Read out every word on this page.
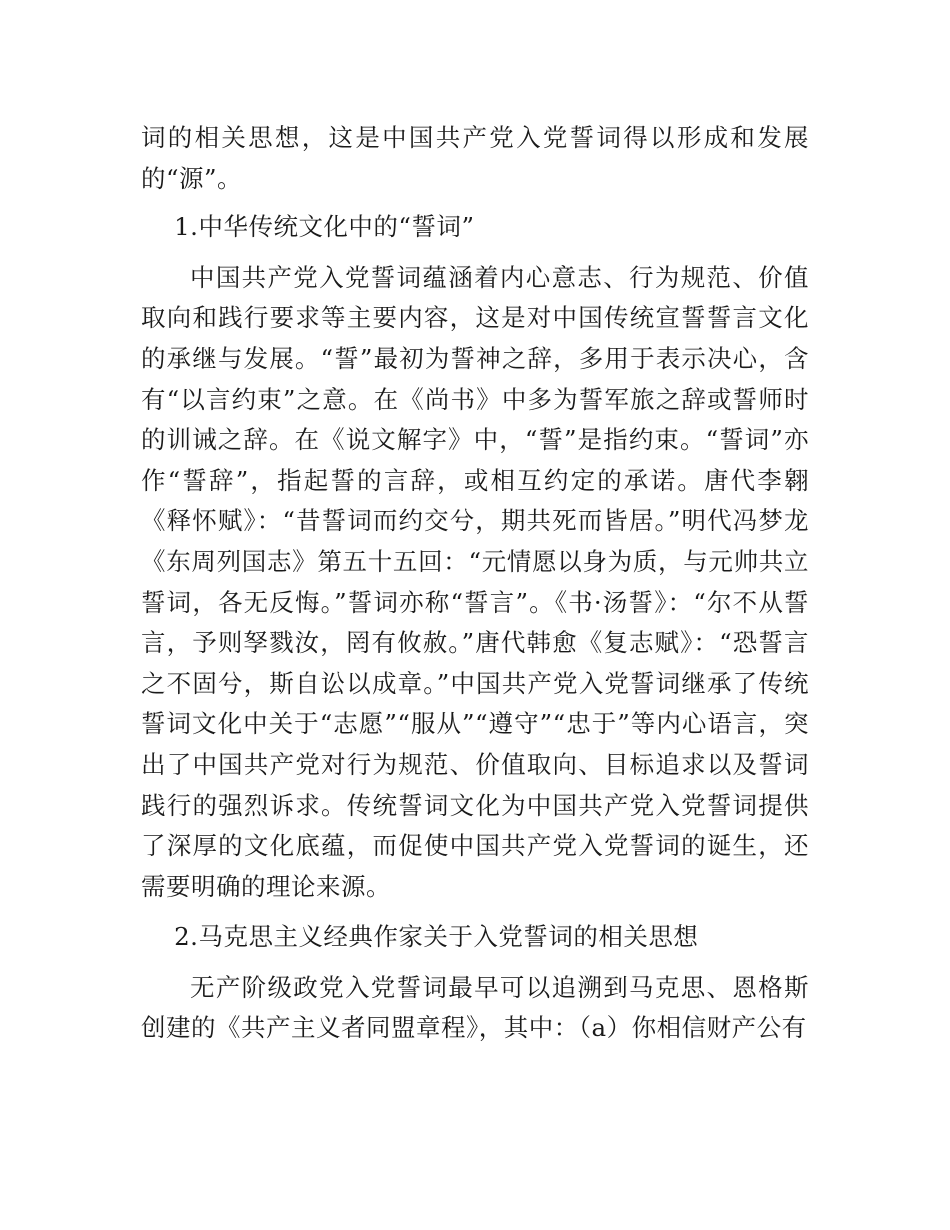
词的相关思想，这是中国共产党入党誓词得以形成和发展的“源”。

1.中华传统文化中的“誓词”

中国共产党入党誓词蕴涵着内心意志、行为规范、价值取向和践行要求等主要内容，这是对中国传统宣誓誓言文化的承继与发展。“誓”最初为誓神之辞，多用于表示决心，含有“以言约束”之意。在《尚书》中多为誓军旅之辞或誓师时的训诫之辞。在《说文解字》中，“誓”是指约束。“誓词”亦作“誓辞”，指起誓的言辞，或相互约定的承诺。唐代李翱《释怀赋》：“昔誓词而约交兮，期共死而皆居。”明代冯梦龙《东周列国志》第五十五回：“元情愿以身为质，与元帅共立誓词，各无反悔。”誓词亦称“誓言”。《书·汤誓》：“尔不从誓言，予则孥戮汝，罔有攸赦。”唐代韩愈《复志赋》：“恐誓言之不固兮，斯自讼以成章。”中国共产党入党誓词继承了传统誓词文化中关于“志愿”“服从”“遵守”“忠于”等内心语言，突出了中国共产党对行为规范、价值取向、目标追求以及誓词践行的强烈诉求。传统誓词文化为中国共产党入党誓词提供了深厚的文化底蕴，而促使中国共产党入党誓词的诞生，还需要明确的理论来源。

2.马克思主义经典作家关于入党誓词的相关思想

无产阶级政党入党誓词最早可以追溯到马克思、恩格斯创建的《共产主义者同盟章程》，其中：（a）你相信财产公有
